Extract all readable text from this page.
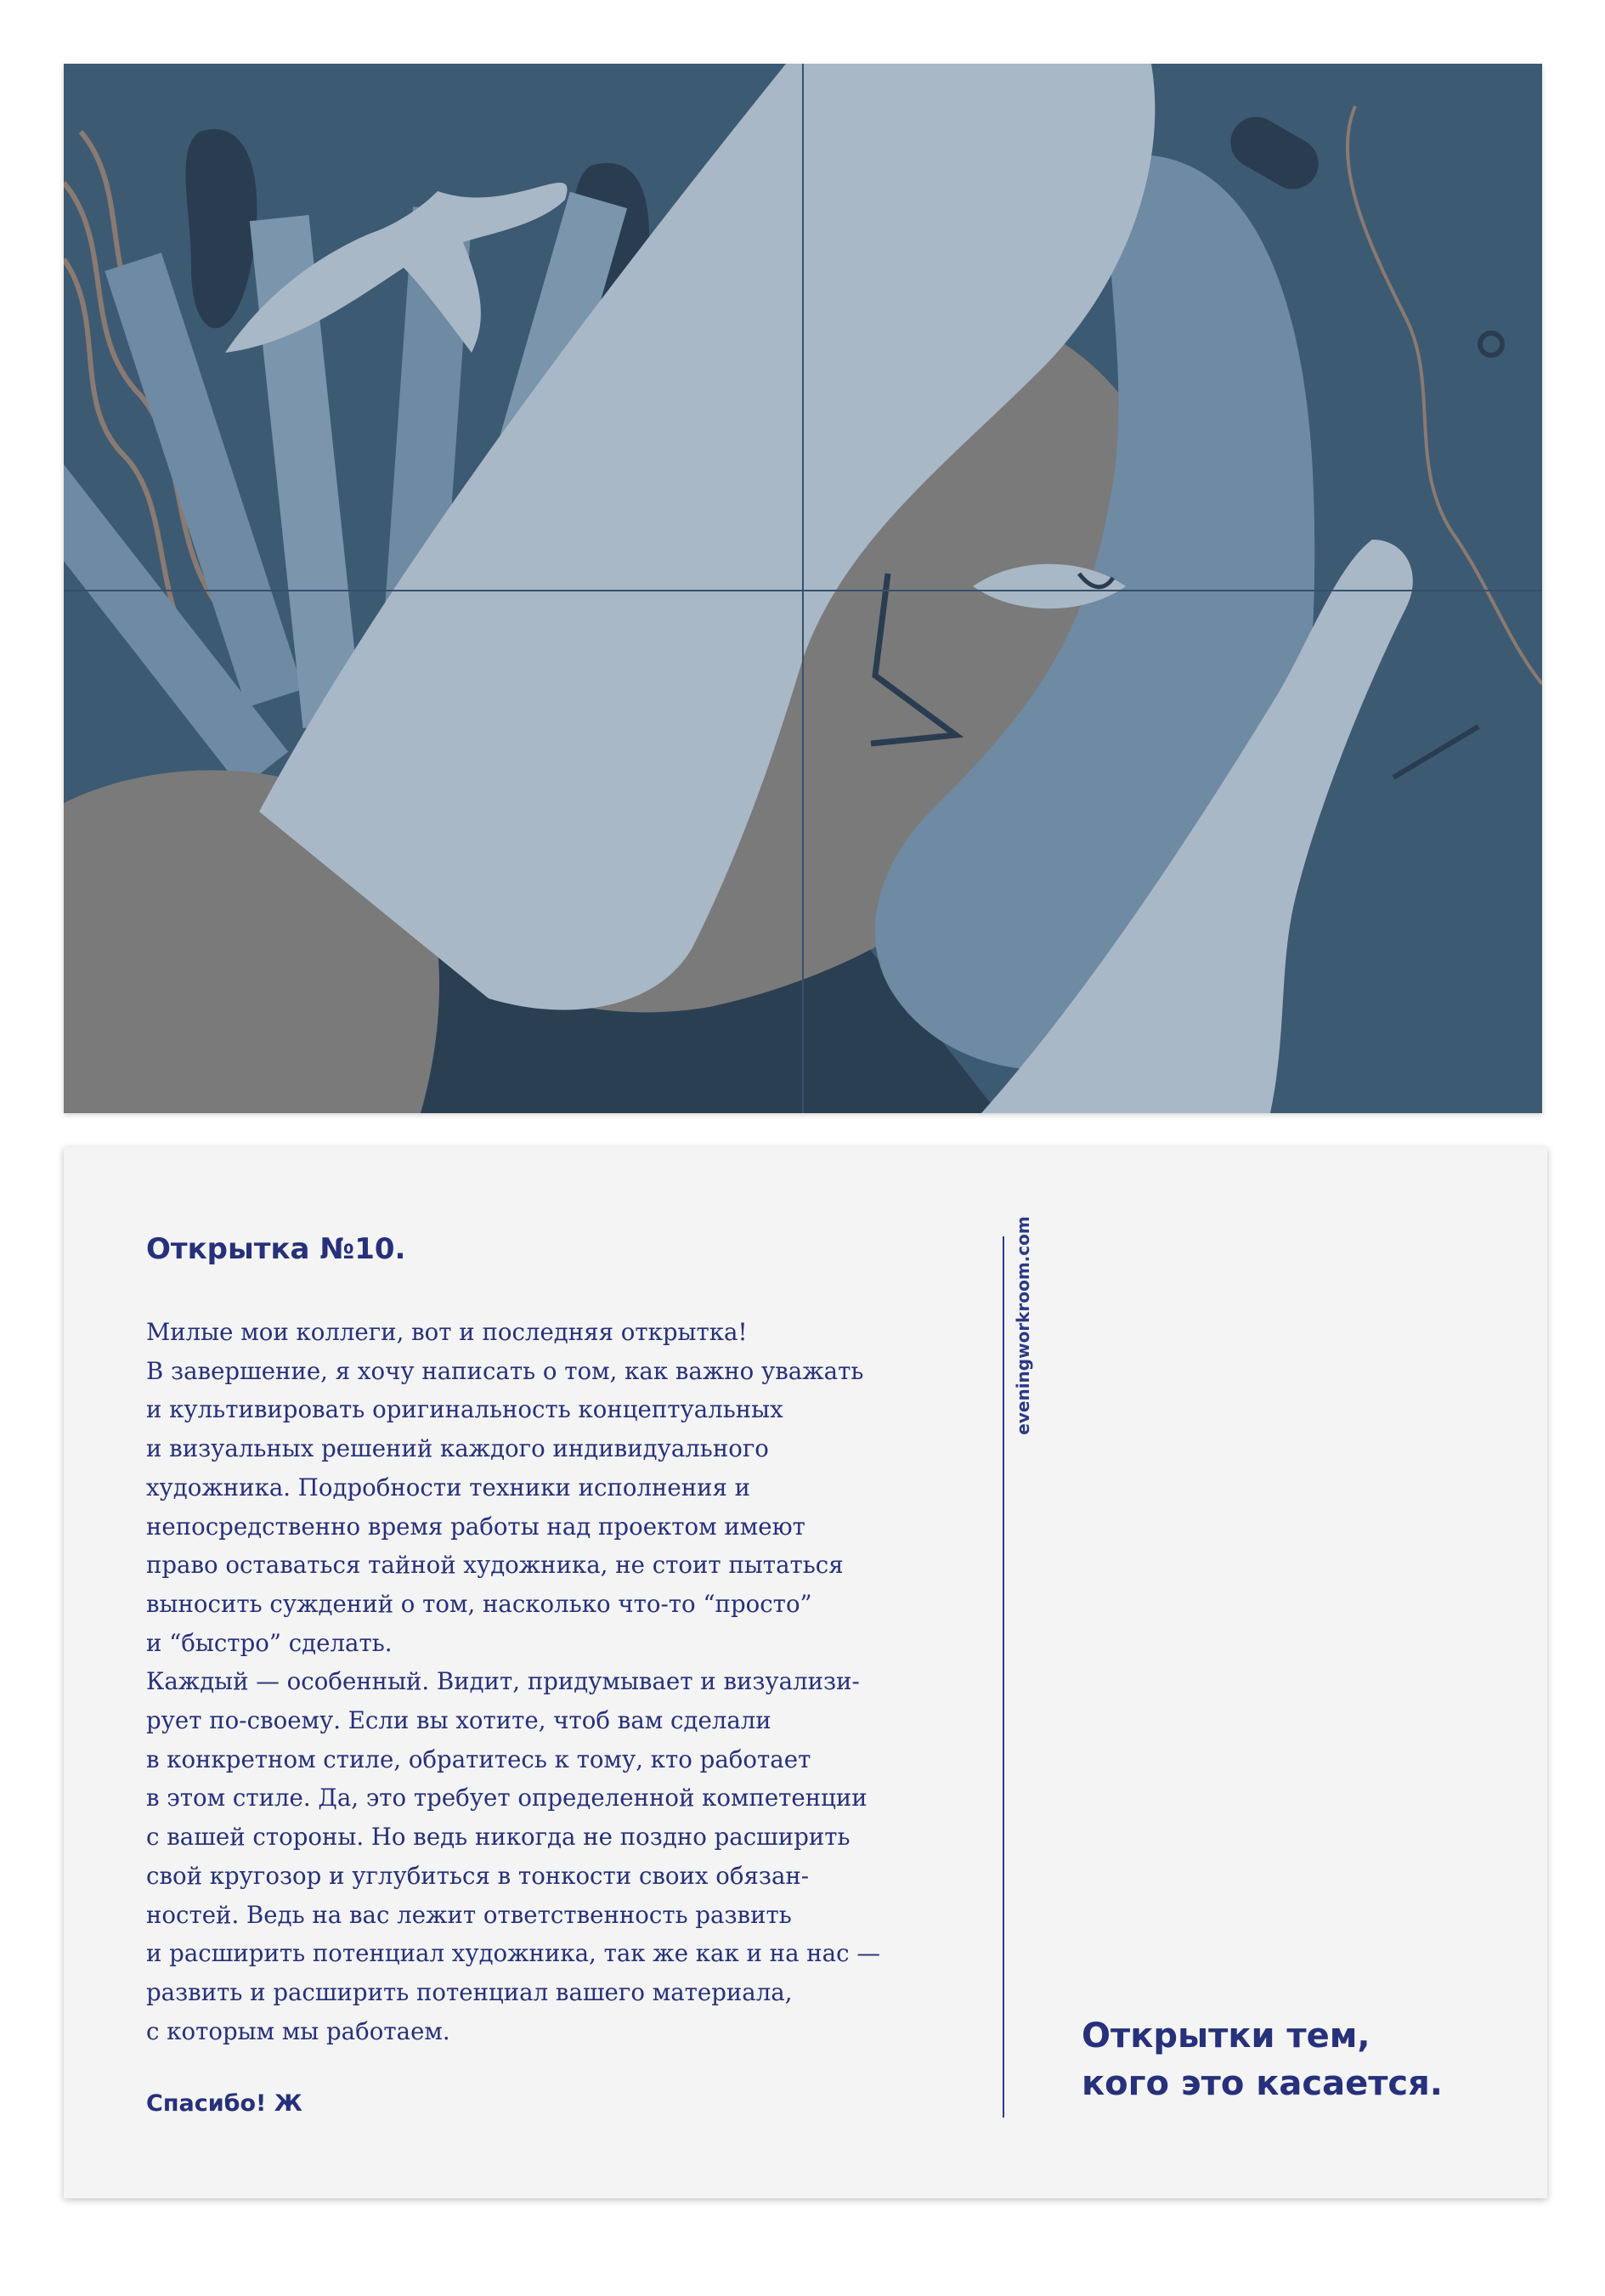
Открытка №10.
Милые мои коллеги, вот и последняя открытка!
В завершение, я хочу написать о том, как важно уважать
и культивировать оригинальность концептуальных
и визуальных решений каждого индивидуального
художника. Подробности техники исполнения и
непосредственно время работы над проектом имеют
право оставаться тайной художника, не стоит пытаться
выносить суждений о том, насколько что-то “просто”
и “быстро” сделать.
Каждый — особенный. Видит, придумывает и визуализи-
рует по-своему. Если вы хотите, чтоб вам сделали
в конкретном стиле, обратитесь к тому, кто работает
в этом стиле. Да, это требует определенной компетенции
с вашей стороны. Но ведь никогда не поздно расширить
свой кругозор и углубиться в тонкости своих обязан-
ностей. Ведь на вас лежит ответственность развить
и расширить потенциал художника, так же как и на нас —
развить и расширить потенциал вашего материала,
с которым мы работаем.
Спасибо! Ж
eveningworkroom.com
Открытки тем,
кого это касается.
